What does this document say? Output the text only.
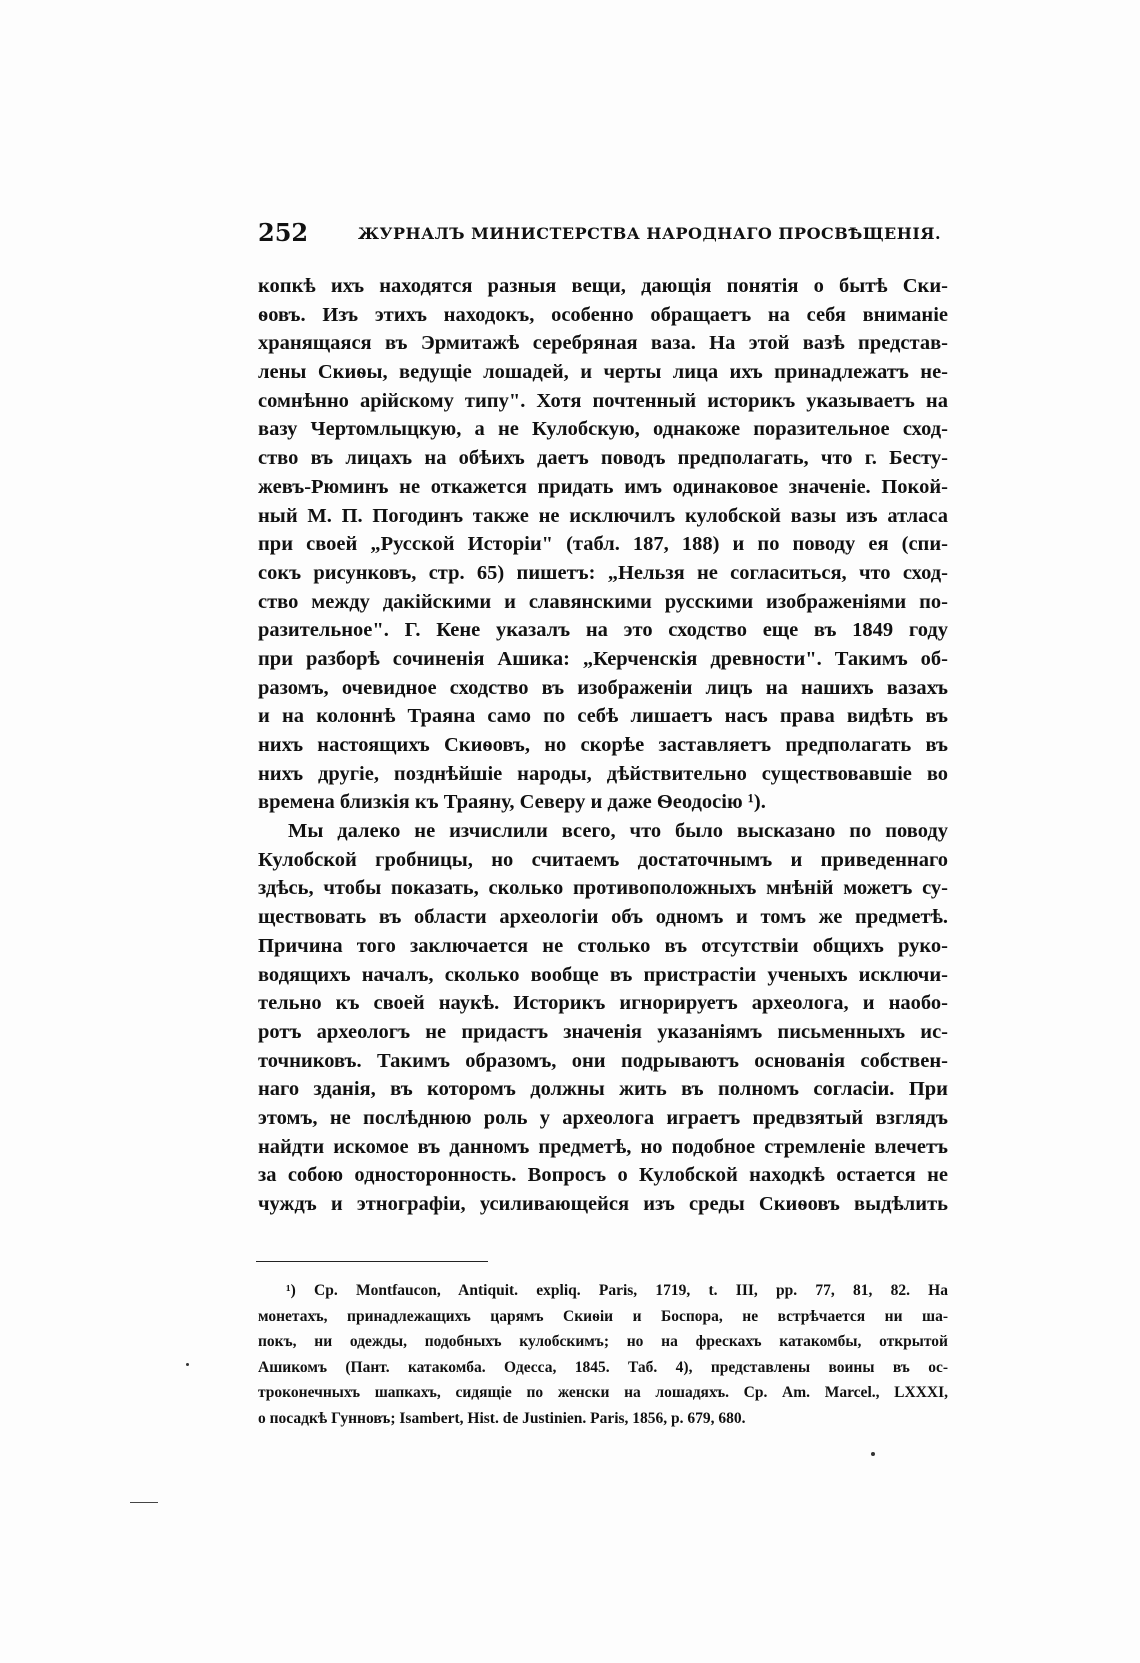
252	ЖУРНАЛЪ МИНИСТЕРСТВА НАРОДНАГО ПРОСВѢЩЕНІЯ.
копкѣ ихъ находятся разныя вещи, дающія понятія о бытѣ Ски-
ѳовъ. Изъ этихъ находокъ, особенно обращаетъ на себя вниманіе
хранящаяся въ Эрмитажѣ серебряная ваза. На этой вазѣ представ-
лены Скиѳы, ведущіе лошадей, и черты лица ихъ принадлежатъ не-
сомнѣнно арійскому типу". Хотя почтенный историкъ указываетъ на
вазу Чертомлыцкую, а не Кулобскую, однакоже поразительное сход-
ство въ лицахъ на обѣихъ даетъ поводъ предполагать, что г. Бесту-
жевъ-Рюминъ не откажется придать имъ одинаковое значеніе. Покой-
ный М. П. Погодинъ также не исключилъ кулобской вазы изъ атласа
при своей „Русской Исторіи" (табл. 187, 188) и по поводу ея (спи-
сокъ рисунковъ, стр. 65) пишетъ: „Нельзя не согласиться, что сход-
ство между дакійскими и славянскими русскими изображеніями по-
разительное". Г. Кене указалъ на это сходство еще въ 1849 году
при разборѣ сочиненія Ашика: „Керченскія древности". Такимъ об-
разомъ, очевидное сходство въ изображеніи лицъ на нашихъ вазахъ
и на колоннѣ Траяна само по себѣ лишаетъ насъ права видѣть въ
нихъ настоящихъ Скиѳовъ, но скорѣе заставляетъ предполагать въ
нихъ другіе, позднѣйшіе народы, дѣйствительно существовавшіе во
времена близкія къ Траяну, Северу и даже Ѳеодосію ¹).
Мы далеко не изчислили всего, что было высказано по поводу
Кулобской гробницы, но считаемъ достаточнымъ и приведеннаго
здѣсь, чтобы показать, сколько противоположныхъ мнѣній можетъ су-
ществовать въ области археологіи объ одномъ и томъ же предметѣ.
Причина того заключается не столько въ отсутствіи общихъ руко-
водящихъ началъ, сколько вообще въ пристрастіи ученыхъ исключи-
тельно къ своей наукѣ. Историкъ игнорируетъ археолога, и наобо-
ротъ археологъ не придастъ значенія указаніямъ письменныхъ ис-
точниковъ. Такимъ образомъ, они подрываютъ основанія собствен-
наго зданія, въ которомъ должны жить въ полномъ согласіи. При
этомъ, не послѣднюю роль у археолога играетъ предвзятый взглядъ
найдти искомое въ данномъ предметѣ, но подобное стремленіе влечетъ
за собою односторонность. Вопросъ о Кулобской находкѣ остается не
чуждъ и этнографіи, усиливающейся изъ среды Скиѳовъ выдѣлить
¹) Ср. Montfaucon, Antiquit. expliq. Paris, 1719, t. III, pp. 77, 81, 82. На
монетахъ, принадлежащихъ царямъ Скиѳіи и Боспора, не встрѣчается ни ша-
покъ, ни одежды, подобныхъ кулобскимъ; но на фрескахъ катакомбы, открытой
Ашикомъ (Пант. катакомба. Одесса, 1845. Таб. 4), представлены воины въ ос-
троконечныхъ шапкахъ, сидящіе по женски на лошадяхъ. Ср. Am. Marcel., LXXXI,
о посадкѣ Гунновъ; Isambert, Hist. de Justinien. Paris, 1856, p. 679, 680.
